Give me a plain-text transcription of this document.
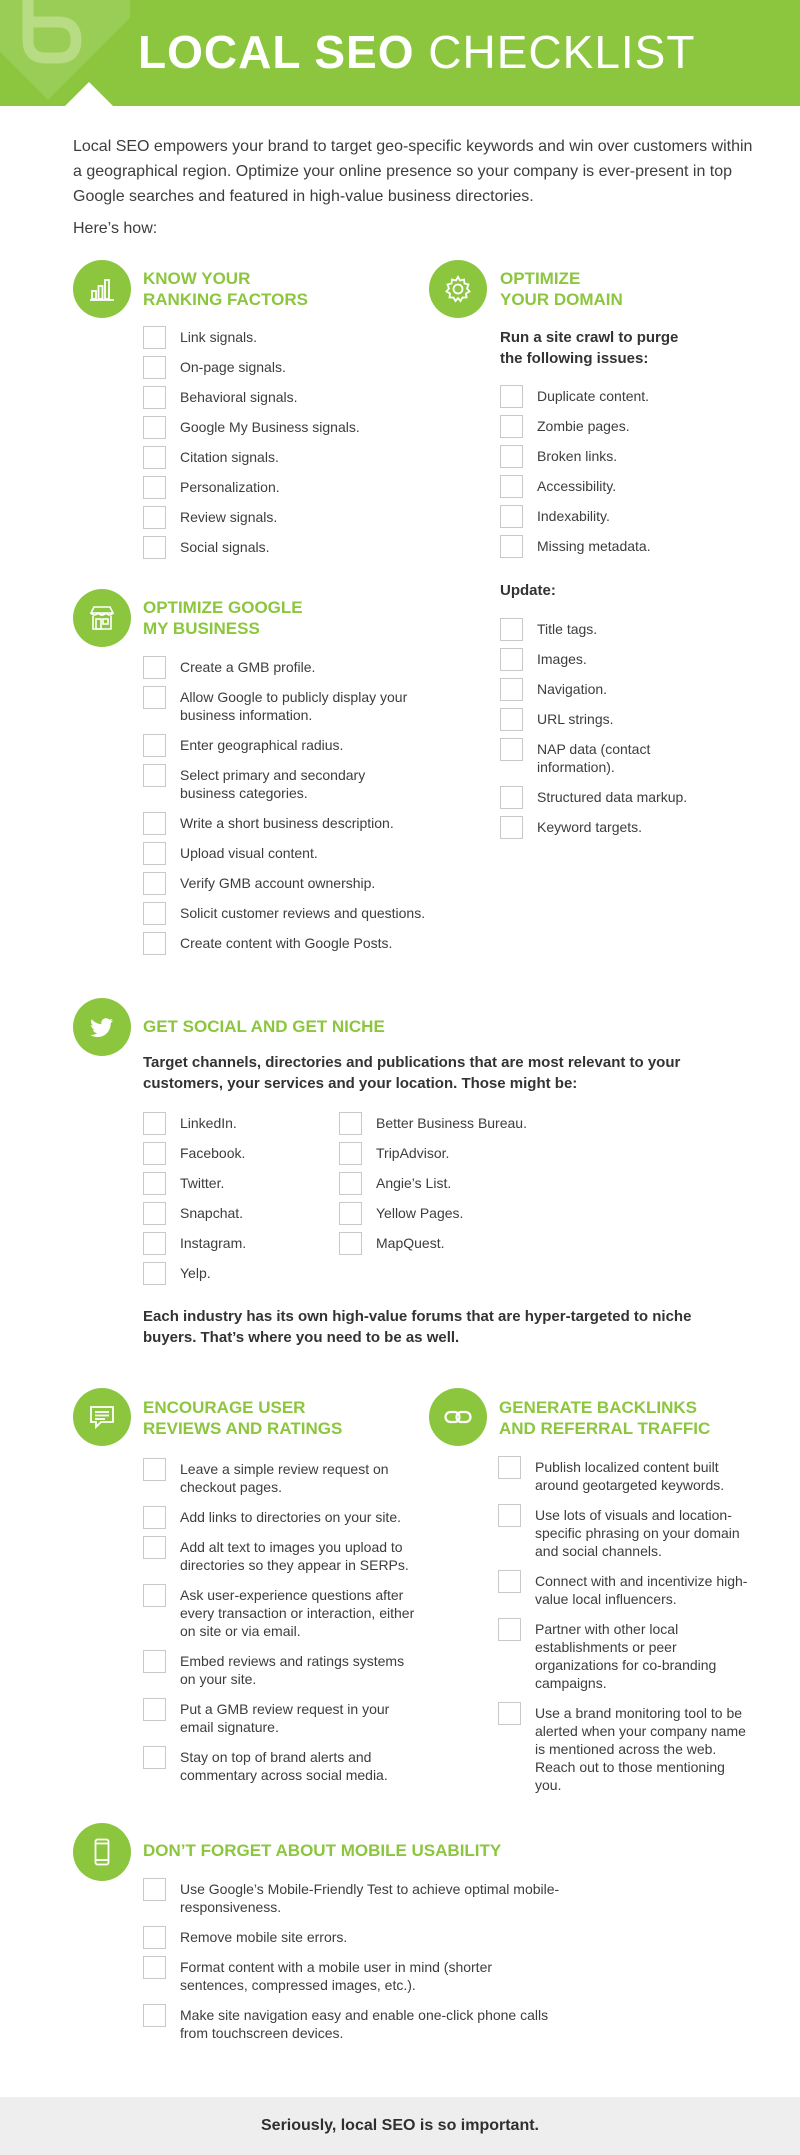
LOCAL SEO CHECKLIST

Local SEO empowers your brand to target geo-specific keywords and win over customers within a geographical region. Optimize your online presence so your company is ever-present in top Google searches and featured in high-value business directories.

Here’s how:

KNOW YOUR
RANKING FACTORS
Link signals.
On-page signals.
Behavioral signals.
Google My Business signals.
Citation signals.
Personalization.
Review signals.
Social signals.
OPTIMIZE
YOUR DOMAIN
Run a site crawl to purge
the following issues:
Duplicate content.
Zombie pages.
Broken links.
Accessibility.
Indexability.
Missing metadata.
Update:
Title tags.
Images.
Navigation.
URL strings.
NAP data (contact information).
Structured data markup.
Keyword targets.
OPTIMIZE GOOGLE
MY BUSINESS
Create a GMB profile.
Allow Google to publicly display your business information.
Enter geographical radius.
Select primary and secondary business categories.
Write a short business description.
Upload visual content.
Verify GMB account ownership.
Solicit customer reviews and questions.
Create content with Google Posts.
GET SOCIAL AND GET NICHE

Target channels, directories and publications that are most relevant to your customers, your services and your location. Those might be:

LinkedIn.
Facebook.
Twitter.
Snapchat.
Instagram.
Yelp.
Better Business Bureau.
TripAdvisor.
Angie’s List.
Yellow Pages.
MapQuest.

Each industry has its own high-value forums that are hyper-targeted to niche buyers. That’s where you need to be as well.

ENCOURAGE USER
REVIEWS AND RATINGS
Leave a simple review request on checkout pages.
Add links to directories on your site.
Add alt text to images you upload to directories so they appear in SERPs.
Ask user-experience questions after every transaction or interaction, either on site or via email.
Embed reviews and ratings systems on your site.
Put a GMB review request in your email signature.
Stay on top of brand alerts and commentary across social media.
GENERATE BACKLINKS
AND REFERRAL TRAFFIC
Publish localized content built around geotargeted keywords.
Use lots of visuals and location-specific phrasing on your domain and social channels.
Connect with and incentivize high-value local influencers.
Partner with other local establishments or peer organizations for co-branding campaigns.
Use a brand monitoring tool to be alerted when your company name is mentioned across the web. Reach out to those mentioning you.
DON’T FORGET ABOUT MOBILE USABILITY
Use Google’s Mobile-Friendly Test to achieve optimal mobile-responsiveness.
Remove mobile site errors.
Format content with a mobile user in mind (shorter sentences, compressed images, etc.).
Make site navigation easy and enable one-click phone calls from touchscreen devices.
Seriously, local SEO is so important.
